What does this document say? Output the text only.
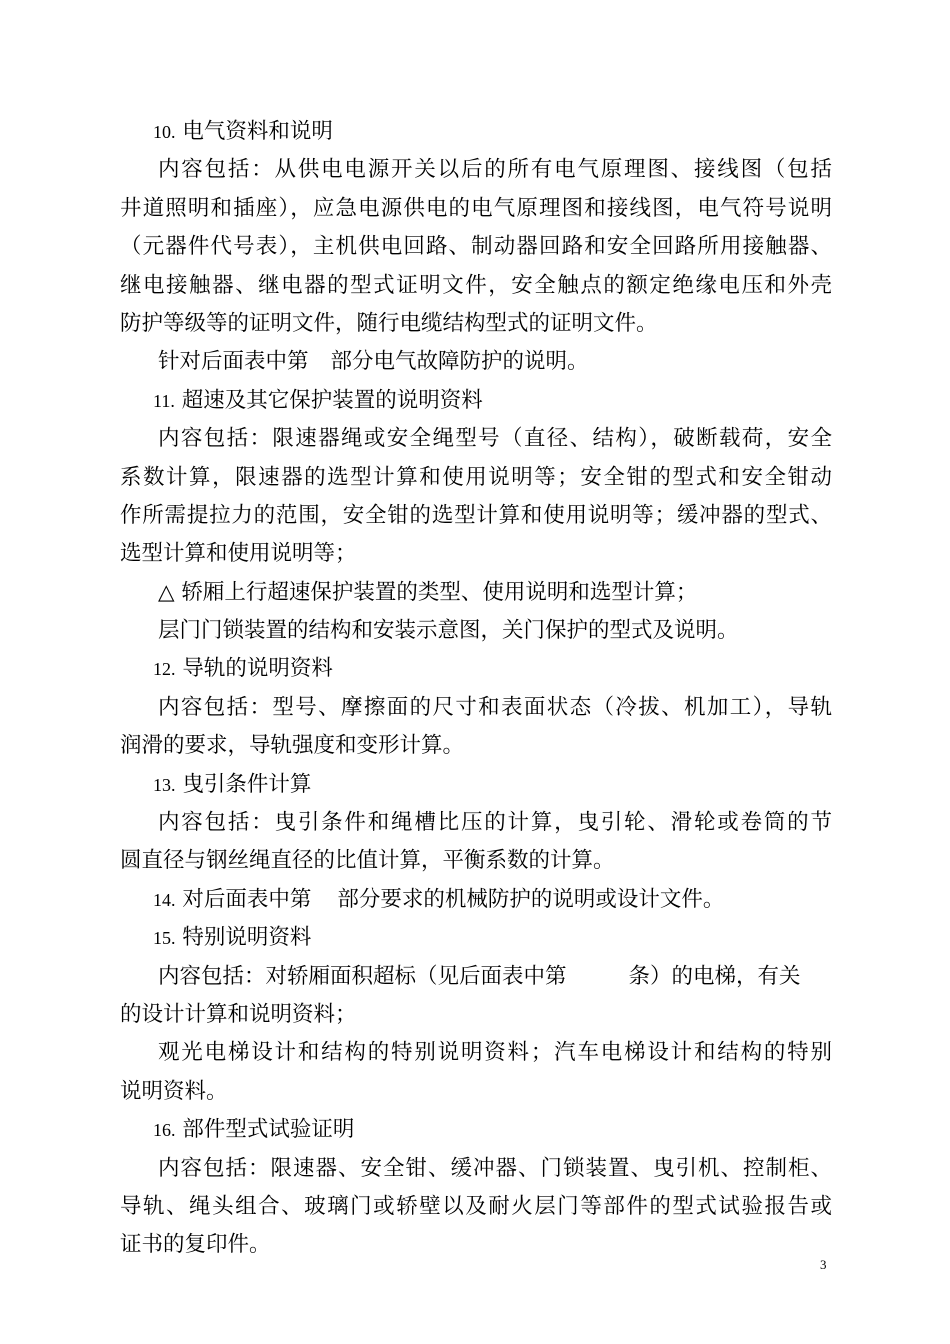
10. 电气资料和说明
内容包括：从供电电源开关以后的所有电气原理图、接线图（包括
井道照明和插座），应急电源供电的电气原理图和接线图，电气符号说明
（元器件代号表），主机供电回路、制动器回路和安全回路所用接触器、
继电接触器、继电器的型式证明文件，安全触点的额定绝缘电压和外壳
防护等级等的证明文件，随行电缆结构型式的证明文件。
针对后面表中第 部分电气故障防护的说明。
11. 超速及其它保护装置的说明资料
内容包括：限速器绳或安全绳型号（直径、结构），破断载荷，安全
系数计算，限速器的选型计算和使用说明等；安全钳的型式和安全钳动
作所需提拉力的范围，安全钳的选型计算和使用说明等；缓冲器的型式、
选型计算和使用说明等；
△ 轿厢上行超速保护装置的类型、使用说明和选型计算；
层门门锁装置的结构和安装示意图，关门保护的型式及说明。
12. 导轨的说明资料
内容包括：型号、摩擦面的尺寸和表面状态（冷拔、机加工），导轨
润滑的要求，导轨强度和变形计算。
13. 曳引条件计算
内容包括：曳引条件和绳槽比压的计算，曳引轮、滑轮或卷筒的节
圆直径与钢丝绳直径的比值计算，平衡系数的计算。
14. 对后面表中第 部分要求的机械防护的说明或设计文件。
15. 特别说明资料
内容包括：对轿厢面积超标（见后面表中第	条）的电梯，有关
的设计计算和说明资料；
观光电梯设计和结构的特别说明资料；汽车电梯设计和结构的特别
说明资料。
16. 部件型式试验证明
内容包括：限速器、安全钳、缓冲器、门锁装置、曳引机、控制柜、
导轨、绳头组合、玻璃门或轿壁以及耐火层门等部件的型式试验报告或
证书的复印件。
3
